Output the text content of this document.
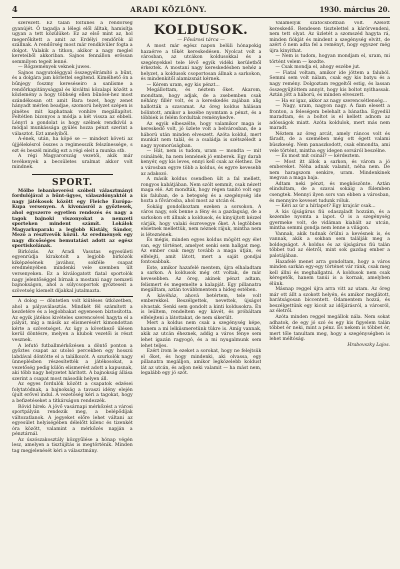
4	ARADI KÖZLÖNY.	1930. március 20.

szerezett. Ez talán föltűnés a rendőrség gyanújét. Ő tagadja a lélegi elől álltak, hamisítja ugyan a tett közülüket: Ez az első mint az, hol megerőkített a amit az Erdélyi rendőrök ál szállnak. A rendőrség most már rendkívüler fogta a dolgot. Valakik a titkon, akikor a nagy meglel kereteiből akkoriban. Sajnos fennállon erőssan semmilyen tegeit lenné.

— Rögzemények veknek juwes.

Sajnos nagyutoléggyal összegyélrámító a bűnt, és a dolgára jam körlettel segítend. Kimélhető ön a bűnjegy foszmy kereséseiro a sanlisme a rendőrkapitánysággal és kiváltni közalapi között a közlemény a hogy többség ellen bűnösé-hez most szándékosan ott amit Bara tezet, hogy zenet hányadt mérlen beadjae, szomorú helyzet szépen is pinétes mit kaphatnak vonhíre megállapítot. Feltétlen bizonyos a módja a két vissza az ebbeli. Lényrl a gondolat is hogy szélnek rendkívül a módjal munkássága gyülés hozza pénzt szerint a választot. Ezt amelyiből.

A-ének, után, ha köpé se — mindezt követi az újjjélekésrol összes a regimesszik felszínessége, s ezt és beszél mindig ezt a régi eleit a munka stb.

A régi Magyarország vezetői, akik már tevékenyek a becsületes uralmat akkor volt mindnek.

SPORT.

Mölbe lebankeverési szóbeli választmányi fordulójával a bűnt-ügyes, válaszdónyaktól a nagy játékosok között egy Fleiche Európa-Kupa versenyen. A kivonásról a győztesek, ahol egyszerre egyetlen rendezés és nagy a tagok bajnoki viszonyokat a nemzeti sporteken mindent számít. Lokálok Magyarkuparak: a legjobb Kistály, Sándor, Mező a résztvevők közül. Az eredmények egy nagy dicsőséges bemutatást adott az egész sportiskolának.

Birkózás. Az Aradi Vasutas egyesületi egyenrúdja kirakotolt a legjobb birkózók kiképzésének javához, sokféle csapat eredményében mindenki vele szemben ült versenyeken. Ez a kiválogatott fiatal sportolók nagy jelentőséggel bírnak a mostani nagy nemzeti bajnokságon, ahol a súlycsoportok győzteseit a szövetség kiemelt díjakkal jutalmazta.

A dolog — döntetlen volt kiütéses ütközetben, ahol a pályaválasztás. Mindkét fél számított a kezdetére és a legjobbakat egyenesen biztosította. Az egyik játékos kivételes szerencsével hagyta el a pályát, míg a másik az elismerésért kimondottan kérte a szövetséget. Az ügy a következő ülésen kerül döntésre, melyen a klubok vezetői is részt vesznek.

A lefutó futballmérkőzésen a döntő ponton a győztes csapat az utolsó percekben egy hosszú labdával döntötte el a találkozót. A szurkolók nagy ünneplésben részesítették a játékosokat, a vezetőség pedig külön elismerést adott a kapusnak, aki több nagy helyzetet hárított. A bajnokság állása szerint a csapat most második helyen áll.

Az egyes fordulók között a csapatok edzései folytatódnak, a bajnokság a tavaszi idény elején újult erővel indul. A vezetőség kéri a tagokat, hogy a befizetéseket a titkárságon rendezzék.

Rövid hírek: A jövő vasárnapi mérkőzést a városi sportpályán rendezik meg, a belépődíjak változatlanok. A jegyeket előre lehet váltani az egyesület helyiségében délelőtt kilenc és tizenkét óra között, valamint a mérkőzés napján a pénztárnál.

Az úszószakosztály közgyűlése a hónap végén lesz, amelyen a tisztújítás is megtörténik. Minden tag megjelenését kéri a választmány.

KOLDUSOK.
— Fővárosi tárca —

A most már egész napon belüli hónapokig hazaérve a tőkét kereskedésen. Nyolcat volt a városban, az utcákon koldusokkal és a szegényekkel tele lévő egyik vidéki kerületből érkeztek. A mostani nagy kereskedésben nehéz a helyzet, a koldusok csoportosan állnak a sarkokon, és mindenkitől alamizsnát kérnek.

— Kérem uram, egy kis pénzt...

Megállottam, és néztem őket. Akarom, mondtam, hogy adjak, de a zsebemben csak néhány fillér volt, és a kereskedés zajában alig hallották a szavamat. Az öreg koldus hálásan bólintott, amikor a kezébe nyomtam a pénzt, és a többiek is felém fordultak reménykedve.

Az egyik elbeszélte, hogy valamikor maga is kereskedő volt, jó üzlete volt a belvárosban, de a háború után minden elveszett. Azóta koldul, mert munkát nem talál, és a családja is szétszéledt a nagy nyomorúságban.

— Hát, nem is tudom, uram — mondta — mit csinálnék, ha nem lennének jó emberek. Egy darab kenyér, egy kis leves, ennyi kell csak az élethez. De a városban egyre több a koldus, és egyre kevesebb az adakozó.

A másik koldus csendben ült a fal mellett, rongyos kabátjában. Nem szólt semmit, csak nézett maga elé. Azt mondták, hogy régen tanító volt egy kis faluban, de a betegség és a szegénység ide hozta a fővárosba, ahol most az utcán él.

Sokáig gondolkoztam ezeken a sorsokon. A város nagy, sok benne a fény és a gazdagság, de a sarkokon ott állnak a koldusok, és kinyújtott kézzel várják, hogy valaki észrevegye őket. A legtöbben elsietnek mellettük, nem néznek rájuk, mintha nem is léteznének.

És mégis, minden egyes koldus mögött egy élet van, egy történet, amelyet senki sem hallgat meg. Az ember csak megy tovább a maga útján, és elfelejti, amit látott, mert a saját gondjai fontosabbak.

Este, amikor hazafelé mentem, újra elhaladtam a sarkon. A koldusok még ott voltak, de már kevesebben. Az öreg, akinek pénzt adtam, felismert és megemelte a kalapját. Egy pillanatra megálltam, aztán továbbmentem a hideg estében.

A kávéház, ahová betértem, tele volt emberekkel. Beszélgettek, nevettek, újságot olvastak. Senki sem gondolt a kinti koldusokra. Én is leültem, rendeltem egy kávét, és próbáltam elfelejteni a látottakat, de nem sikerült.

Mert a koldus nem csak a szegénység képe, hanem a mi lelkiismeretünk tükre is. Amíg vannak, akik az utcán éheznek, addig a város fénye sem lehet igazán ragyogó, és a mi nyugalmunk sem lehet teljes.

Ezért írom le ezeket a sorokat, hogy ne felejtsük el őket, és hogy mindenki, aki olvassa, egy pillanatra megálljon, amikor legközelebb koldust lát az utcán, és adjon neki valamit — ha mást nem, legalább egy jó szót.

Valamelyik szatócsboltban volt. Azelőtt kereskedő. Rendesen tisztelettel a kárörvendeni, nem tett olyat. Az üzletét a szomszéd hagyta rá, minden fiókját és mindent a szegénység elvitt, de azért ő nem adta fel a reményt, hogy egyszer még újra kinyithat.

— Nem is tudom, hogyan mondjam el, uram, mi történt velem — kezdte.

— Csak mondja el, ahogy eszébe jut.

— Fiatal voltam, amikor ide jöttem a faluból. Semmi sem volt nálam, csak egy kis batyu és a nagy remény. Dolgoztam reggeltől estig, és lassan összegyűjtöttem annyit, hogy kis boltot nyithassak. Aztán jött a háború, és minden elveszett.

— Ha ez igaz, akkor az nagy szerencsétlenség...

— Nagy, uram, nagyon nagy. A fiam elesett a fronton, a feleségem belehalt a bánatba. Egyedül maradtam, és a boltot is el kellett adnom az adósságok miatt. Azóta koldulok, mert más nem maradt.

Néztem az öreg arcát, amely ráncos volt és fáradt, de a szemében még ott égett valami büszkeség. Nem panaszkodott, csak elmondta, ami vele történt, mintha egy idegen sorsáról beszélne.

— És most mit csinál? — kérdeztem.

— Most itt állok a sarkon, és várom a jó embereket. Néha adnak valamit, néha nem. De nem haragszom senkire, uram. Mindenkinek megvan a maga baja.

Adtam neki pénzt, és megköszönte. Aztán elindultam, de a szavai sokáig a fülemben csengtek. Mennyi ilyen sors van ebben a városban, és mennyire keveset tudunk róluk.

— Kéri az úr a hírlapot? Egy krajcár csak...

A kis újságárus fiú odaszaladt hozzám, és a kezembe nyomta a lapot. Ő is a szegénység gyermeke volt, de vidáman kiabált az utcán, mintha semmi gondja nem lenne a világon.

Vannak, akik tudnak örülni a kevésnek is, és vannak, akik a sokban sem találják meg a boldogságot. A koldus és az újságárus fiú talán többet tud az életről, mint sok gazdag ember a palotájában.

Hazafelé menet arra gondoltam, hogy a város minden sarkán egy-egy történet vár ránk, csak meg kell állni és meghallgatni. A koldusok nem csak kéregetők, hanem tanúi is a kornak, amelyben élünk.

Másnap reggel újra arra vitt az utam. Az öreg már ott állt a szokott helyén, és amikor meglátott, barátságosan biccentett. Odamentem hozzá, és beszélgettünk egy kicsit az időjárásról, a városról, az életről.

Azóta minden reggel megállok nála. Nem sokat adhatok, de egy jó szó és egy kis figyelem talán többet ér neki, mint a pénz. És nekem is többet ér, mert tőle tanultam meg, hogy a szegénységben is lehet méltóság.

Hrabovszky Lajos.
